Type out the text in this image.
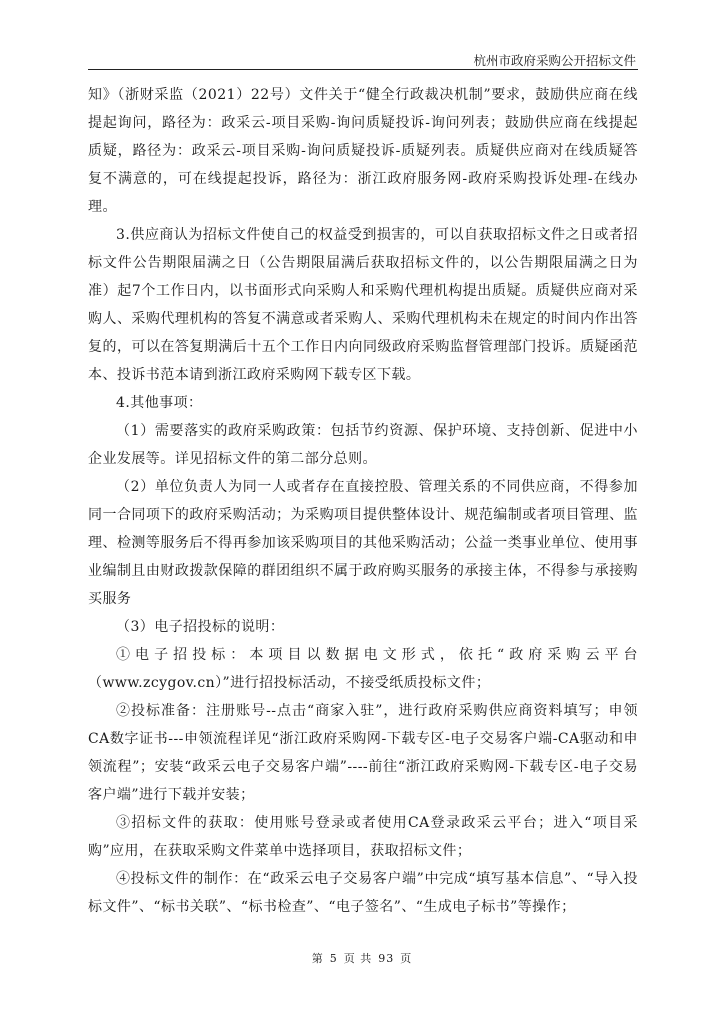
杭州市政府采购公开招标文件

知》（浙财采监（2021）22号）文件关于“健全行政裁决机制”要求，鼓励供应商在线提起询问，路径为：政采云-项目采购-询问质疑投诉-询问列表；鼓励供应商在线提起质疑，路径为：政采云-项目采购-询问质疑投诉-质疑列表。质疑供应商对在线质疑答复不满意的，可在线提起投诉，路径为：浙江政府服务网-政府采购投诉处理-在线办理。

3.供应商认为招标文件使自己的权益受到损害的，可以自获取招标文件之日或者招标文件公告期限届满之日（公告期限届满后获取招标文件的，以公告期限届满之日为准）起7个工作日内，以书面形式向采购人和采购代理机构提出质疑。质疑供应商对采购人、采购代理机构的答复不满意或者采购人、采购代理机构未在规定的时间内作出答复的，可以在答复期满后十五个工作日内向同级政府采购监督管理部门投诉。质疑函范本、投诉书范本请到浙江政府采购网下载专区下载。

4.其他事项：

（1）需要落实的政府采购政策：包括节约资源、保护环境、支持创新、促进中小企业发展等。详见招标文件的第二部分总则。

（2）单位负责人为同一人或者存在直接控股、管理关系的不同供应商，不得参加同一合同项下的政府采购活动；为采购项目提供整体设计、规范编制或者项目管理、监理、检测等服务后不得再参加该采购项目的其他采购活动；公益一类事业单位、使用事业编制且由财政拨款保障的群团组织不属于政府购买服务的承接主体，不得参与承接购买服务

（3）电子招投标的说明：

①电子招投标：本项目以数据电文形式，依托“政府采购云平台（www.zcygov.cn）”进行招投标活动，不接受纸质投标文件；

②投标准备：注册账号--点击“商家入驻”，进行政府采购供应商资料填写；申领CA数字证书---申领流程详见“浙江政府采购网-下载专区-电子交易客户端-CA驱动和申领流程”；安装“政采云电子交易客户端”----前往“浙江政府采购网-下载专区-电子交易客户端”进行下载并安装；

③招标文件的获取：使用账号登录或者使用CA登录政采云平台；进入“项目采购”应用，在获取采购文件菜单中选择项目，获取招标文件；

④投标文件的制作：在“政采云电子交易客户端”中完成“填写基本信息”、“导入投标文件”、“标书关联”、“标书检查”、“电子签名”、“生成电子标书”等操作；

第 5 页 共 93 页
